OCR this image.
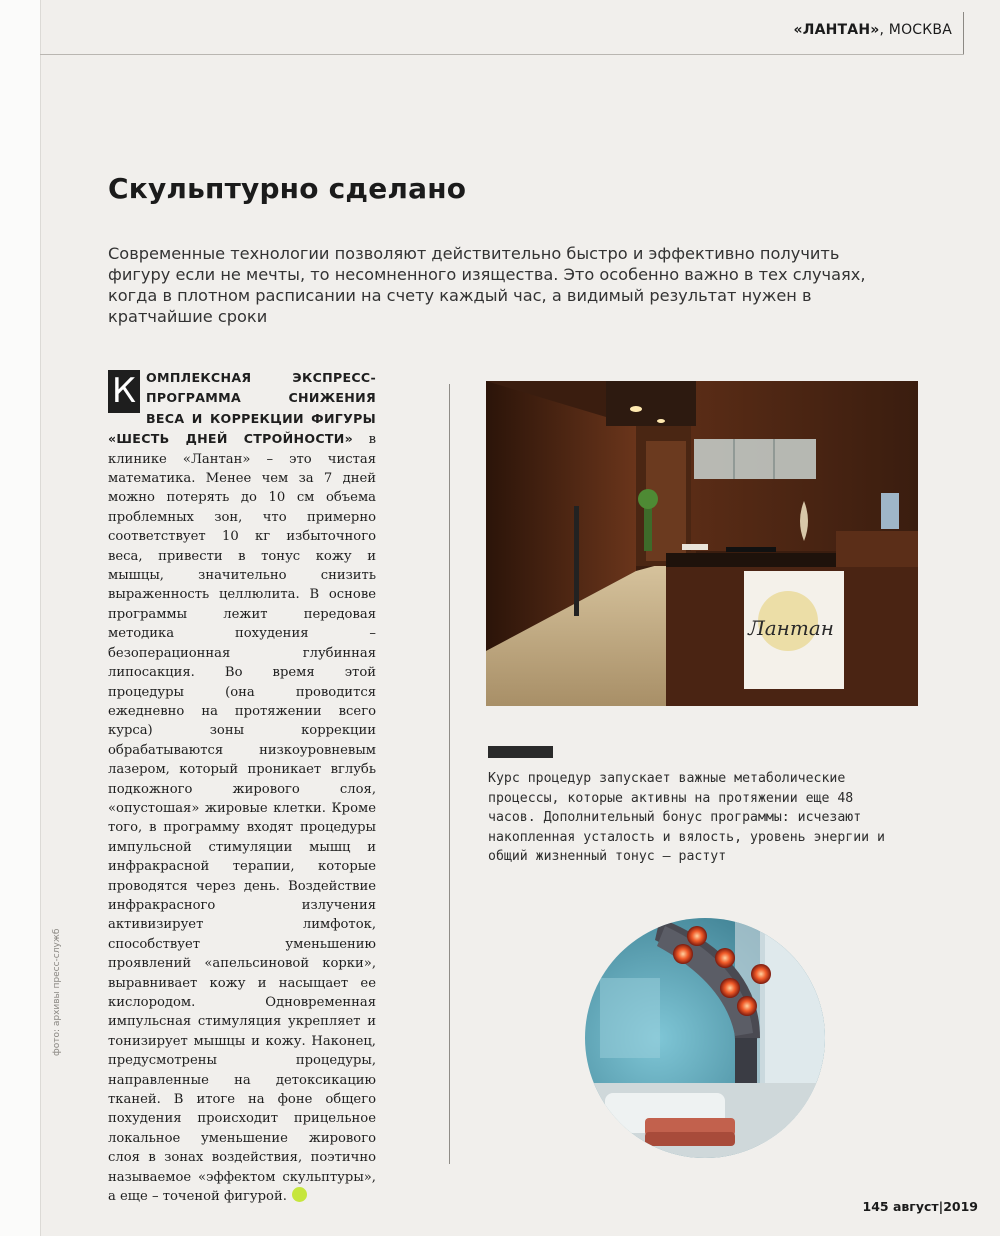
«ЛАНТАН», МОСКВА
Скульптурно сделано

Современные технологии позволяют действительно быстро и эффективно получить фигуру если не мечты, то несомненного изящества. Это особенно важно в тех случаях, когда в плотном расписании на счету каждый час, а видимый результат нужен в кратчайшие сроки

К ОМПЛЕКСНАЯ ЭКСПРЕСС-ПРОГРАММА СНИЖЕНИЯ ВЕСА И КОРРЕКЦИИ ФИГУРЫ «ШЕСТЬ ДНЕЙ СТРОЙНОСТИ» в клинике «Лантан» – это чистая математика. Менее чем за 7 дней можно потерять до 10 см объема проблемных зон, что примерно соответствует 10 кг избыточного веса, привести в тонус кожу и мышцы, значительно снизить выраженность целлюлита. В основе программы лежит передовая методика похудения – безоперационная глубинная липосакция. Во время этой процедуры (она проводится ежедневно на протяжении всего курса) зоны коррекции обрабатываются низкоуровневым лазером, который проникает вглубь подкожного жирового слоя, «опустошая» жировые клетки. Кроме того, в программу входят процедуры импульсной стимуляции мышц и инфракрасной терапии, которые проводятся через день. Воздействие инфракрасного излучения активизирует лимфоток, способствует уменьшению проявлений «апельсиновой корки», выравнивает кожу и насыщает ее кислородом. Одновременная импульсная стимуляция укрепляет и тонизирует мышцы и кожу. Наконец, предусмотрены процедуры, направленные на детоксикацию тканей. В итоге на фоне общего похудения происходит прицельное локальное уменьшение жирового слоя в зонах воздействия, поэтично называемое «эффектом скульптуры», а еще – точеной фигурой.
фото: архивы пресс-служб
Лантан

Курс процедур запускает важные метаболические процессы, которые активны на протяжении еще 48 часов. Дополнительный бонус программы: исчезают накопленная усталость и вялость, уровень энергии и общий жизненный тонус – растут

145 август|2019
